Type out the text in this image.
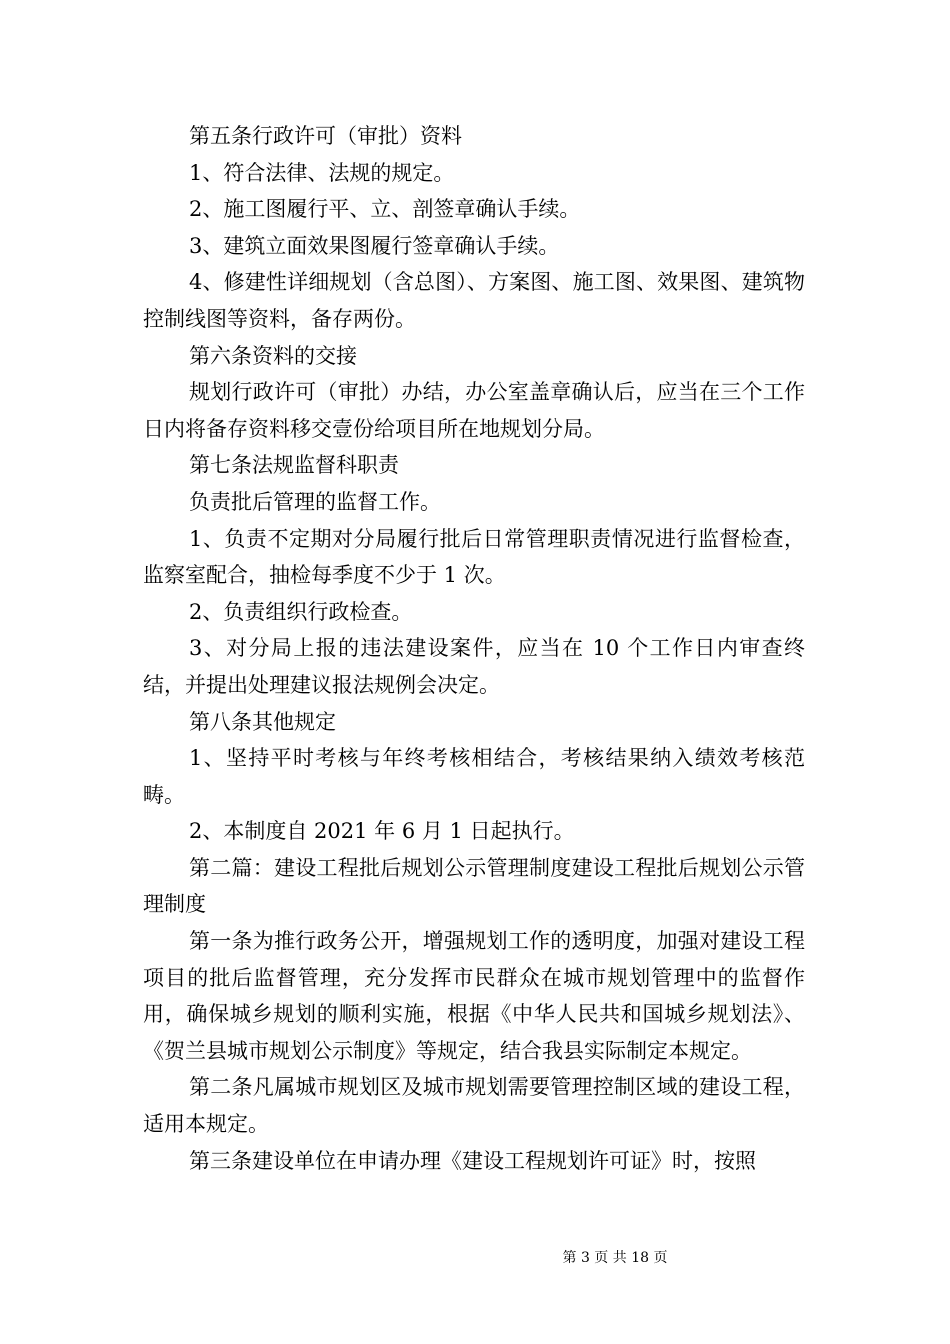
第五条行政许可（审批）资料

1、符合法律、法规的规定。

2、施工图履行平、立、剖签章确认手续。

3、建筑立面效果图履行签章确认手续。

4、修建性详细规划（含总图）、方案图、施工图、效果图、建筑物控制线图等资料，备存两份。

第六条资料的交接

规划行政许可（审批）办结，办公室盖章确认后，应当在三个工作日内将备存资料移交壹份给项目所在地规划分局。

第七条法规监督科职责

负责批后管理的监督工作。

1、负责不定期对分局履行批后日常管理职责情况进行监督检查，监察室配合，抽检每季度不少于 1 次。

2、负责组织行政检查。

3、对分局上报的违法建设案件，应当在 10 个工作日内审查终结，并提出处理建议报法规例会决定。

第八条其他规定

1、坚持平时考核与年终考核相结合，考核结果纳入绩效考核范畴。

2、本制度自 2021 年 6 月 1 日起执行。

第二篇：建设工程批后规划公示管理制度建设工程批后规划公示管理制度

第一条为推行政务公开，增强规划工作的透明度，加强对建设工程项目的批后监督管理，充分发挥市民群众在城市规划管理中的监督作用，确保城乡规划的顺利实施，根据《中华人民共和国城乡规划法》、《贺兰县城市规划公示制度》等规定，结合我县实际制定本规定。

第二条凡属城市规划区及城市规划需要管理控制区域的建设工程，适用本规定。

第三条建设单位在申请办理《建设工程规划许可证》时，按照

第 3 页 共 18 页
